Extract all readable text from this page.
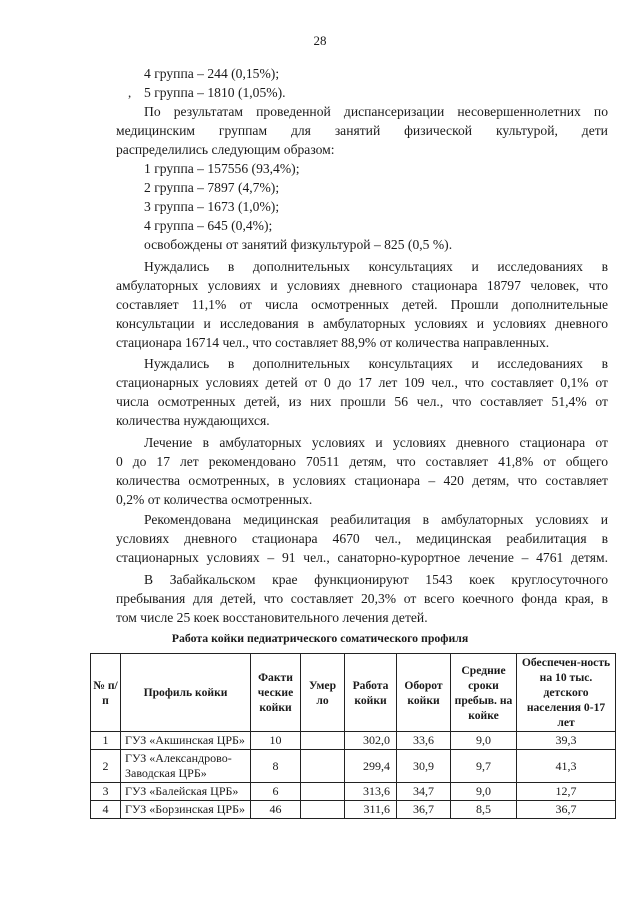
28
4 группа – 244 (0,15%);
, 5 группа – 1810 (1,05%).
По результатам проведенной диспансеризации несовершеннолетних по
медицинским группам для занятий физической культурой, дети
распределились следующим образом:
1 группа – 157556 (93,4%);
2 группа – 7897 (4,7%);
3 группа – 1673 (1,0%);
4 группа – 645 (0,4%);
освобождены от занятий физкультурой – 825 (0,5 %).
Нуждались в дополнительных консультациях и исследованиях в
амбулаторных условиях и условиях дневного стационара 18797 человек, что
составляет 11,1% от числа осмотренных детей. Прошли дополнительные
консультации и исследования в амбулаторных условиях и условиях дневного
стационара 16714 чел., что составляет 88,9% от количества направленных.
Нуждались в дополнительных консультациях и исследованиях в
стационарных условиях детей от 0 до 17 лет 109 чел., что составляет 0,1% от
числа осмотренных детей, из них прошли 56 чел., что составляет 51,4% от
количества нуждающихся.
Лечение в амбулаторных условиях и условиях дневного стационара от
0 до 17 лет рекомендовано 70511 детям, что составляет 41,8% от общего
количества осмотренных, в условиях стационара – 420 детям, что составляет
0,2% от количества осмотренных.
Рекомендована медицинская реабилитация в амбулаторных условиях и
условиях дневного стационара 4670 чел., медицинская реабилитация в
стационарных условиях – 91 чел., санаторно-курортное лечение – 4761 детям.
В Забайкальском крае функционируют 1543 коек круглосуточного
пребывания для детей, что составляет 20,3% от всего коечного фонда края, в
том числе 25 коек восстановительного лечения детей.
Работа койки педиатрического соматического профиля
№ п/п	Профиль койки	Факти ческие койки	Умер ло	Работа койки	Оборот койки	Средние сроки пребыв. на койке	Обеспечен-ность на 10 тыс. детского населения 0-17 лет
1	ГУЗ «Акшинская ЦРБ»	10		302,0	33,6	9,0	39,3
2	ГУЗ «Александрово-Заводская ЦРБ»	8		299,4	30,9	9,7	41,3
3	ГУЗ «Балейская ЦРБ»	6		313,6	34,7	9,0	12,7
4	ГУЗ «Борзинская ЦРБ»	46		311,6	36,7	8,5	36,7
